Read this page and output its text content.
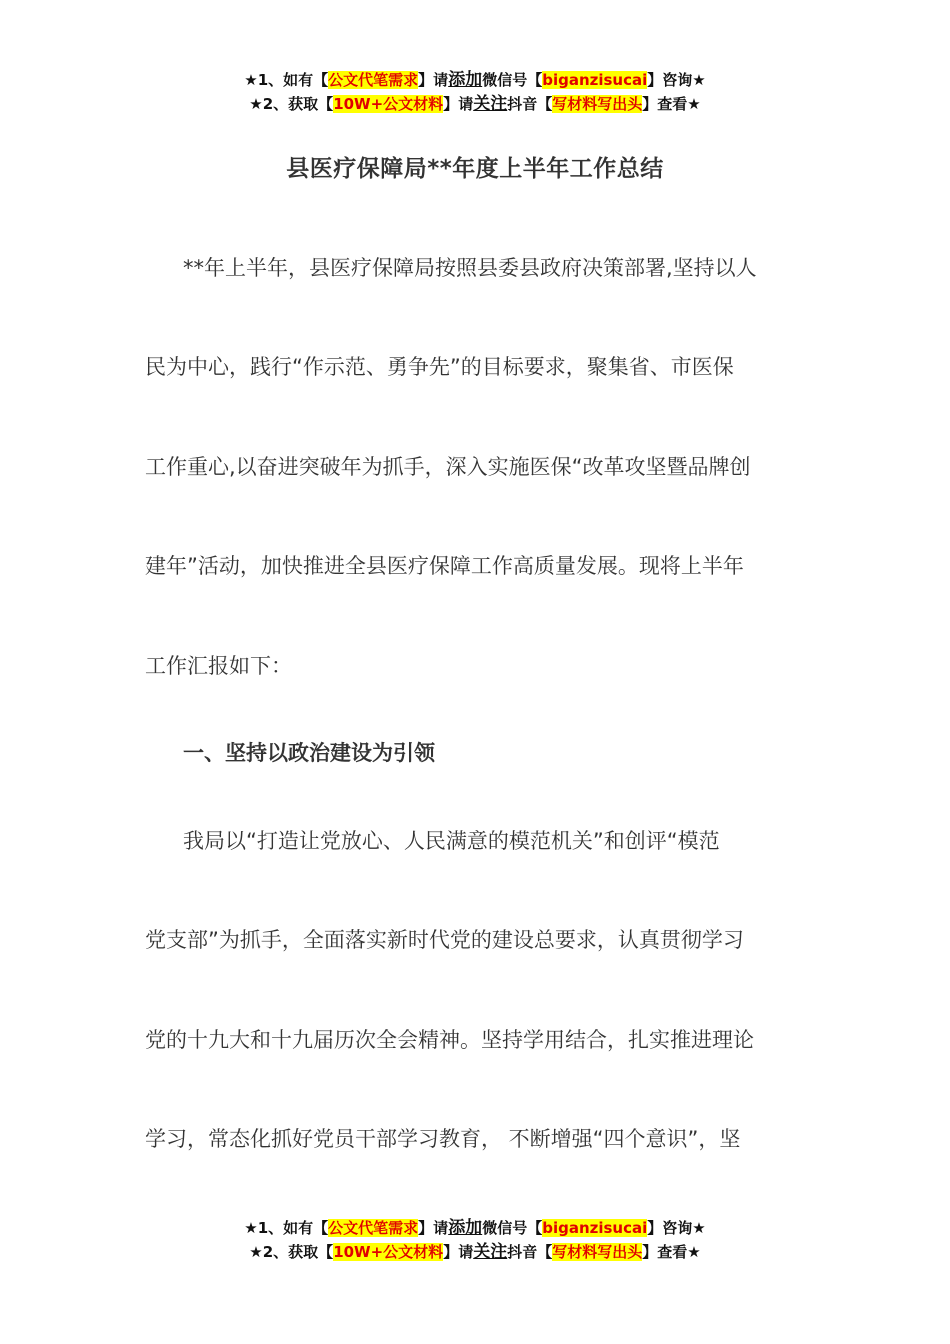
★1、如有【公文代笔需求】请添加微信号【biganzisucai】咨询★
★2、获取【10W+公文材料】请关注抖音【写材料写出头】查看★
县医疗保障局**年度上半年工作总结
**年上半年，县医疗保障局按照县委县政府决策部署,坚持以人
民为中心，践行“作示范、勇争先”的目标要求，聚集省、市医保
工作重心,以奋进突破年为抓手，深入实施医保“改革攻坚暨品牌创
建年”活动，加快推进全县医疗保障工作高质量发展。现将上半年
工作汇报如下：
一、坚持以政治建设为引领
我局以“打造让党放心、人民满意的模范机关”和创评“模范
党支部”为抓手，全面落实新时代党的建设总要求，认真贯彻学习
党的十九大和十九届历次全会精神。坚持学用结合，扎实推进理论
学习，常态化抓好党员干部学习教育， 不断增强“四个意识”，坚
★1、如有【公文代笔需求】请添加微信号【biganzisucai】咨询★
★2、获取【10W+公文材料】请关注抖音【写材料写出头】查看★
